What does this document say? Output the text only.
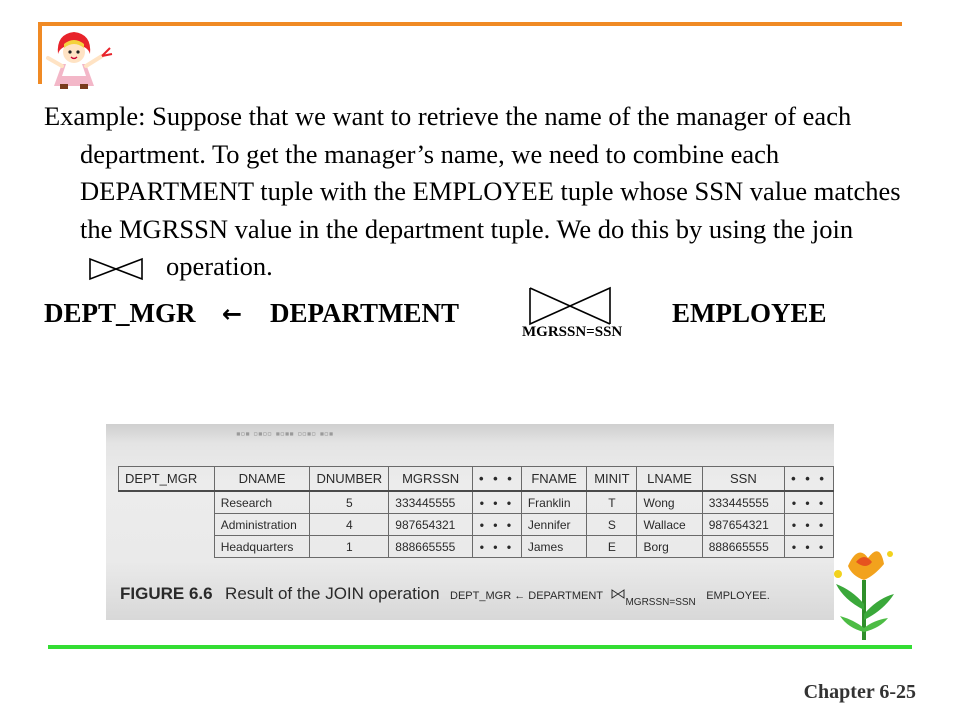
Example: Suppose that we want to retrieve the name of the manager of each department. To get the manager’s name, we need to combine each DEPARTMENT tuple with the EMPLOYEE tuple whose SSN value matches the MGRSSN value in the department tuple. We do this by using the join operation.

DEPT_MGR ← DEPARTMENT	EMPLOYEE
MGRSSN=SSN
▪▫▪ ▫▪▫▫ ▪▫▪▪ ▫▫▪▫ ▪▫▪
DEPT_MGR	DNAME	DNUMBER	MGRSSN	• • •	FNAME	MINIT	LNAME	SSN	• • •
	Research	5	333445555	• • •	Franklin	T	Wong	333445555	• • •
	Administration	4	987654321	• • •	Jennifer	S	Wallace	987654321	• • •
	Headquarters	1	888665555	• • •	James	E	Borg	888665555	• • •
FIGURE 6.6 Result of the JOIN operation DEPT_MGR ← DEPARTMENT $_{MGRSSN=SSN}$ EMPLOYEE.
Chapter 6-25
